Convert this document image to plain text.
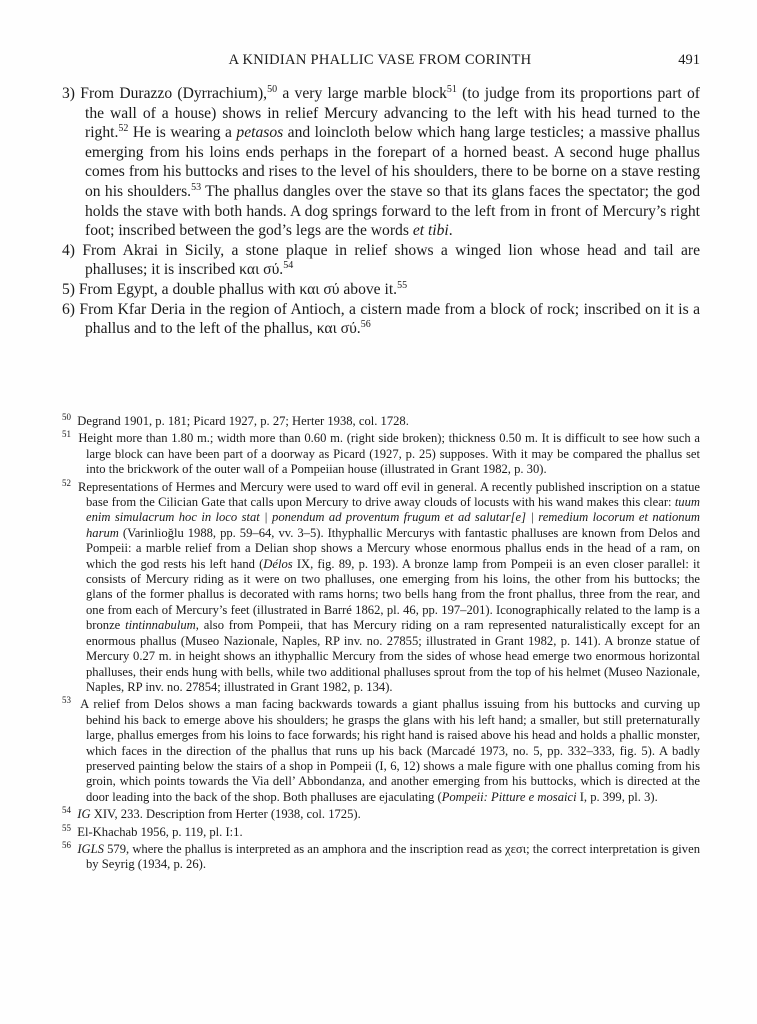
A KNIDIAN PHALLIC VASE FROM CORINTH	491

3) From Durazzo (Dyrrachium),$^{50}$ a very large marble block$^{51}$ (to judge from its proportions part of the wall of a house) shows in relief Mercury advancing to the left with his head turned to the right.$^{52}$ He is wearing a petasos and loincloth below which hang large testicles; a massive phallus emerging from his loins ends perhaps in the forepart of a horned beast. A second huge phallus comes from his buttocks and rises to the level of his shoulders, there to be borne on a stave resting on his shoulders.$^{53}$ The phallus dangles over the stave so that its glans faces the spectator; the god holds the stave with both hands. A dog springs forward to the left from in front of Mercury’s right foot; inscribed between the god’s legs are the words et tibi.

4) From Akrai in Sicily, a stone plaque in relief shows a winged lion whose head and tail are phalluses; it is inscribed και σύ.$^{54}$

5) From Egypt, a double phallus with και σύ above it.$^{55}$

6) From Kfar Deria in the region of Antioch, a cistern made from a block of rock; inscribed on it is a phallus and to the left of the phallus, και σύ.$^{56}$

$^{50}$ Degrand 1901, p. 181; Picard 1927, p. 27; Herter 1938, col. 1728.

$^{51}$ Height more than 1.80 m.; width more than 0.60 m. (right side broken); thickness 0.50 m. It is difficult to see how such a large block can have been part of a doorway as Picard (1927, p. 25) supposes. With it may be compared the phallus set into the brickwork of the outer wall of a Pompeiian house (illustrated in Grant 1982, p. 30).

$^{52}$ Representations of Hermes and Mercury were used to ward off evil in general. A recently published inscription on a statue base from the Cilician Gate that calls upon Mercury to drive away clouds of locusts with his wand makes this clear: tuum enim simulacrum hoc in loco stat | ponendum ad proventum frugum et ad salutar[e] | remedium locorum et nationum harum (Varinlioğlu 1988, pp. 59–64, vv. 3–5). Ithyphallic Mercurys with fantastic phalluses are known from Delos and Pompeii: a marble relief from a Delian shop shows a Mercury whose enormous phallus ends in the head of a ram, on which the god rests his left hand (Délos IX, fig. 89, p. 193). A bronze lamp from Pompeii is an even closer parallel: it consists of Mercury riding as it were on two phalluses, one emerging from his loins, the other from his buttocks; the glans of the former phallus is decorated with rams horns; two bells hang from the front phallus, three from the rear, and one from each of Mercury’s feet (illustrated in Barré 1862, pl. 46, pp. 197–201). Iconographically related to the lamp is a bronze tintinnabulum, also from Pompeii, that has Mercury riding on a ram represented naturalistically except for an enormous phallus (Museo Nazionale, Naples, RP inv. no. 27855; illustrated in Grant 1982, p. 141). A bronze statue of Mercury 0.27 m. in height shows an ithyphallic Mercury from the sides of whose head emerge two enormous horizontal phalluses, their ends hung with bells, while two additional phalluses sprout from the top of his helmet (Museo Nazionale, Naples, RP inv. no. 27854; illustrated in Grant 1982, p. 134).

$^{53}$ A relief from Delos shows a man facing backwards towards a giant phallus issuing from his buttocks and curving up behind his back to emerge above his shoulders; he grasps the glans with his left hand; a smaller, but still preternaturally large, phallus emerges from his loins to face forwards; his right hand is raised above his head and holds a phallic monster, which faces in the direction of the phallus that runs up his back (Marcadé 1973, no. 5, pp. 332–333, fig. 5). A badly preserved painting below the stairs of a shop in Pompeii (I, 6, 12) shows a male figure with one phallus coming from his groin, which points towards the Via dell’ Abbondanza, and another emerging from his buttocks, which is directed at the door leading into the back of the shop. Both phalluses are ejaculating (Pompeii: Pitture e mosaici I, p. 399, pl. 3).

$^{54}$ IG XIV, 233. Description from Herter (1938, col. 1725).

$^{55}$ El-Khachab 1956, p. 119, pl. I:1.

$^{56}$ IGLS 579, where the phallus is interpreted as an amphora and the inscription read as χεσι; the correct interpretation is given by Seyrig (1934, p. 26).
